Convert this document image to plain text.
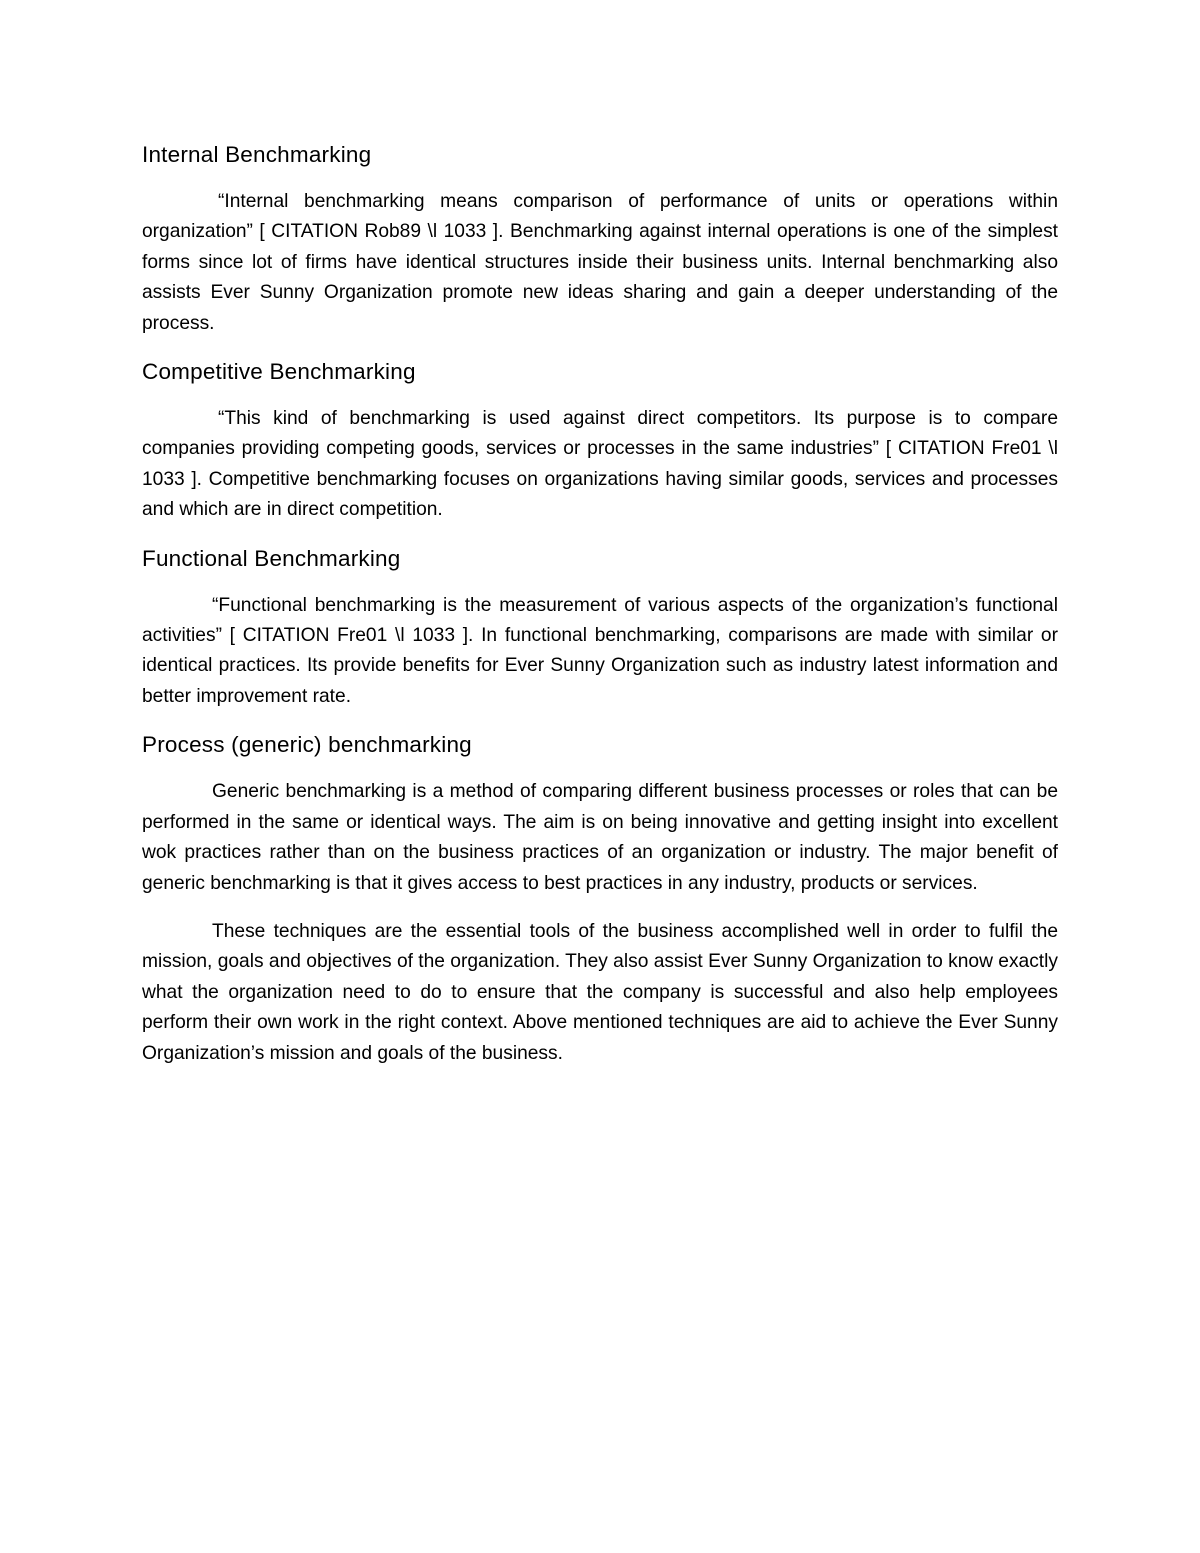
Internal Benchmarking

“Internal benchmarking means comparison of performance of units or operations within organization” [ CITATION Rob89 \l 1033 ]. Benchmarking against internal operations is one of the simplest forms since lot of firms have identical structures inside their business units. Internal benchmarking also assists Ever Sunny Organization promote new ideas sharing and gain a deeper understanding of the process.

Competitive Benchmarking

“This kind of benchmarking is used against direct competitors. Its purpose is to compare companies providing competing goods, services or processes in the same industries” [ CITATION Fre01 \l 1033 ]. Competitive benchmarking focuses on organizations having similar goods, services and processes and which are in direct competition.

Functional Benchmarking

“Functional benchmarking is the measurement of various aspects of the organization’s functional activities” [ CITATION Fre01 \l 1033 ]. In functional benchmarking, comparisons are made with similar or identical practices. Its provide benefits for Ever Sunny Organization such as industry latest information and better improvement rate.

Process (generic) benchmarking

Generic benchmarking is a method of comparing different business processes or roles that can be performed in the same or identical ways. The aim is on being innovative and getting insight into excellent wok practices rather than on the business practices of an organization or industry. The major benefit of generic benchmarking is that it gives access to best practices in any industry, products or services.

These techniques are the essential tools of the business accomplished well in order to fulfil the mission, goals and objectives of the organization. They also assist Ever Sunny Organization to know exactly what the organization need to do to ensure that the company is successful and also help employees perform their own work in the right context. Above mentioned techniques are aid to achieve the Ever Sunny Organization’s mission and goals of the business.
